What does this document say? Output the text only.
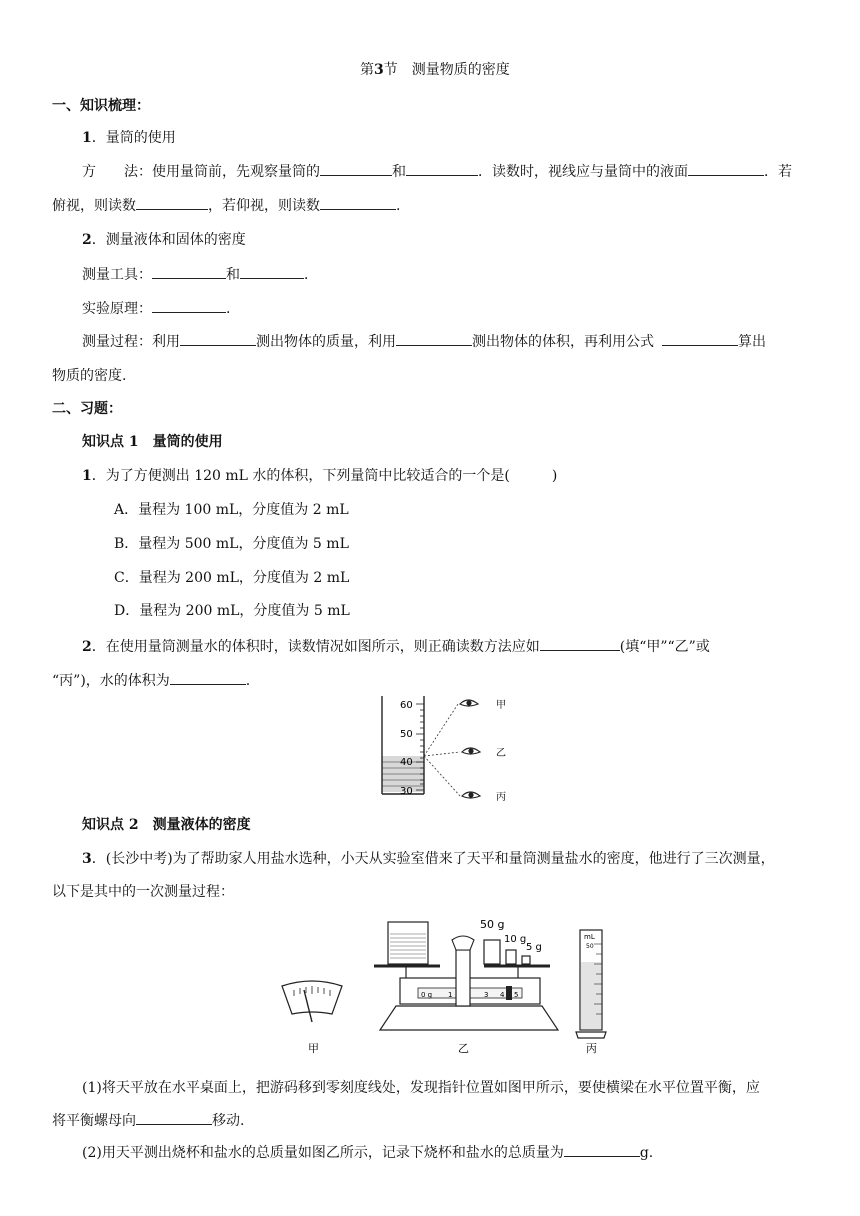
第3节　测量物质的密度
一、知识梳理：
1．量筒的使用
方　　法：使用量筒前，先观察量筒的	和	．读数时，视线应与量筒中的液面	．若
俯视，则读数	，若仰视，则读数	.
2．测量液体和固体的密度
测量工具：	和	．
实验原理：	.
测量过程：利用	测出物体的质量，利用	测出物体的体积，再利用公式	算出
物质的密度.
二、习题：
知识点 1　量筒的使用
1．为了方便测出 120 mL 水的体积，下列量筒中比较适合的一个是(　　　)
A．量程为 100 mL，分度值为 2 mL
B．量程为 500 mL，分度值为 5 mL
C．量程为 200 mL，分度值为 2 mL
D．量程为 200 mL，分度值为 5 mL
2．在使用量筒测量水的体积时，读数情况如图所示，则正确读数方法应如	(填“甲”“乙”或
“丙”)，水的体积为	.
60
50
40
30
甲
乙
丙
知识点 2　测量液体的密度
3．(长沙中考)为了帮助家人用盐水选种，小天从实验室借来了天平和量筒测量盐水的密度，他进行了三次测量，
以下是其中的一次测量过程：
甲
0 g 1	3 4 5
50 g
10 g
5 g
乙
mL
50
丙
(1)将天平放在水平桌面上，把游码移到零刻度线处，发现指针位置如图甲所示，要使横梁在水平位置平衡，应
将平衡螺母向	移动.
(2)用天平测出烧杯和盐水的总质量如图乙所示，记录下烧杯和盐水的总质量为	g.
